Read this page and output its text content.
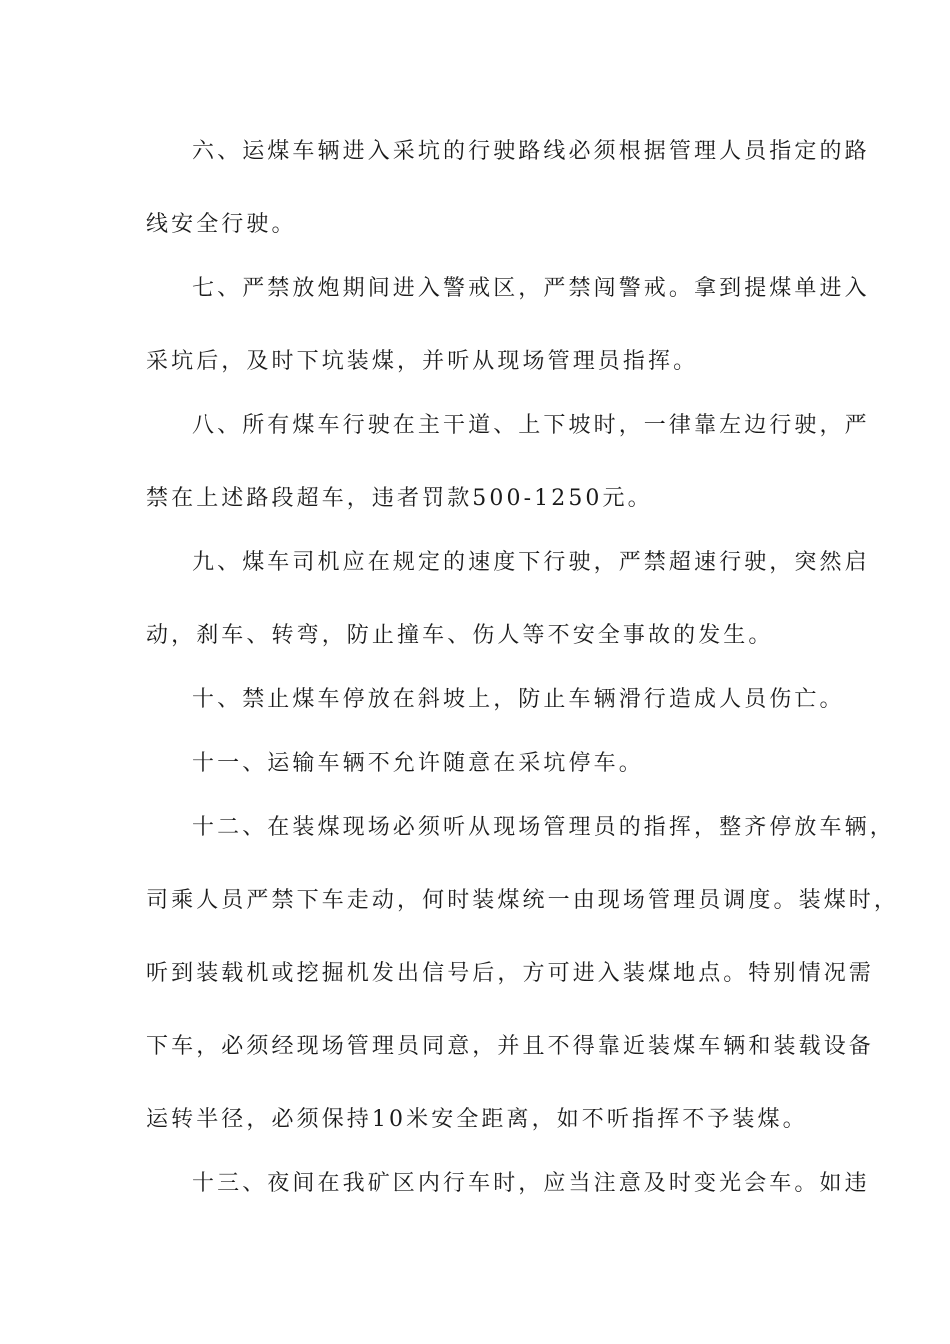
六、运煤车辆进入采坑的行驶路线必须根据管理人员指定的路
线安全行驶。
七、严禁放炮期间进入警戒区，严禁闯警戒。拿到提煤单进入
采坑后，及时下坑装煤，并听从现场管理员指挥。
八、所有煤车行驶在主干道、上下坡时，一律靠左边行驶，严
禁在上述路段超车，违者罚款500-1250元。
九、煤车司机应在规定的速度下行驶，严禁超速行驶，突然启
动，刹车、转弯，防止撞车、伤人等不安全事故的发生。
十、禁止煤车停放在斜坡上，防止车辆滑行造成人员伤亡。
十一、运输车辆不允许随意在采坑停车。
十二、在装煤现场必须听从现场管理员的指挥，整齐停放车辆，
司乘人员严禁下车走动，何时装煤统一由现场管理员调度。装煤时，
听到装载机或挖掘机发出信号后，方可进入装煤地点。特别情况需
下车，必须经现场管理员同意，并且不得靠近装煤车辆和装载设备
运转半径，必须保持10米安全距离，如不听指挥不予装煤。
十三、夜间在我矿区内行车时，应当注意及时变光会车。如违
